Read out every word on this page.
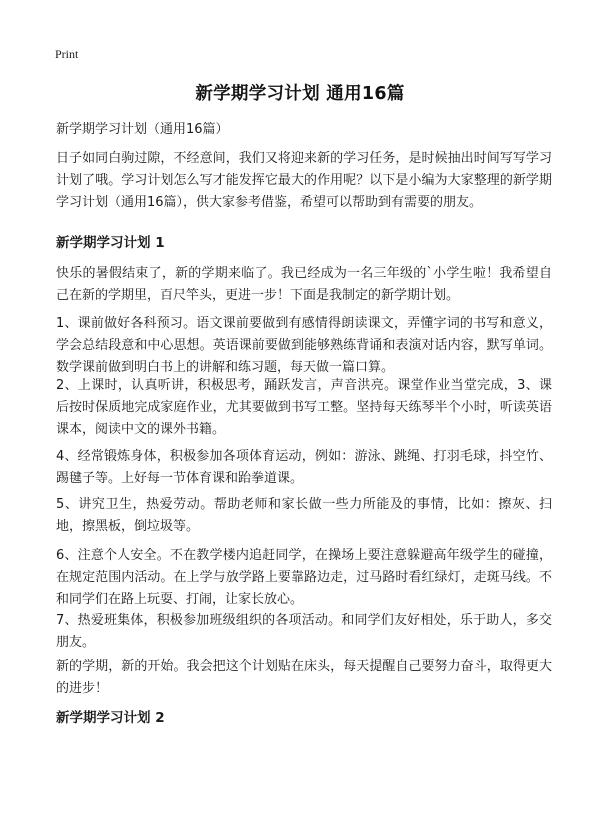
Print
新学期学习计划 通用16篇
新学期学习计划（通用16篇）
日子如同白驹过隙，不经意间，我们又将迎来新的学习任务，是时候抽出时间写写学习计划了哦。学习计划怎么写才能发挥它最大的作用呢？以下是小编为大家整理的新学期学习计划（通用16篇），供大家参考借鉴，希望可以帮助到有需要的朋友。
新学期学习计划 1
快乐的暑假结束了，新的学期来临了。我已经成为一名三年级的`小学生啦！我希望自己在新的学期里，百尺竿头，更进一步！下面是我制定的新学期计划。
1、课前做好各科预习。语文课前要做到有感情得朗读课文，弄懂字词的书写和意义，学会总结段意和中心思想。英语课前要做到能够熟练背诵和表演对话内容，默写单词。数学课前做到明白书上的讲解和练习题，每天做一篇口算。
2、上课时，认真听讲，积极思考，踊跃发言，声音洪亮。课堂作业当堂完成，3、课后按时保质地完成家庭作业，尤其要做到书写工整。坚持每天练琴半个小时，听读英语课本，阅读中文的课外书籍。
4、经常锻炼身体，积极参加各项体育运动，例如：游泳、跳绳、打羽毛球，抖空竹、踢毽子等。上好每一节体育课和跆拳道课。
5、讲究卫生，热爱劳动。帮助老师和家长做一些力所能及的事情，比如：擦灰、扫地，擦黑板，倒垃圾等。
6、注意个人安全。不在教学楼内追赶同学，在操场上要注意躲避高年级学生的碰撞，在规定范围内活动。在上学与放学路上要靠路边走，过马路时看红绿灯，走斑马线。不和同学们在路上玩耍、打闹，让家长放心。
7、热爱班集体，积极参加班级组织的各项活动。和同学们友好相处，乐于助人，多交朋友。
新的学期，新的开始。我会把这个计划贴在床头，每天提醒自己要努力奋斗，取得更大的进步！
新学期学习计划 2
